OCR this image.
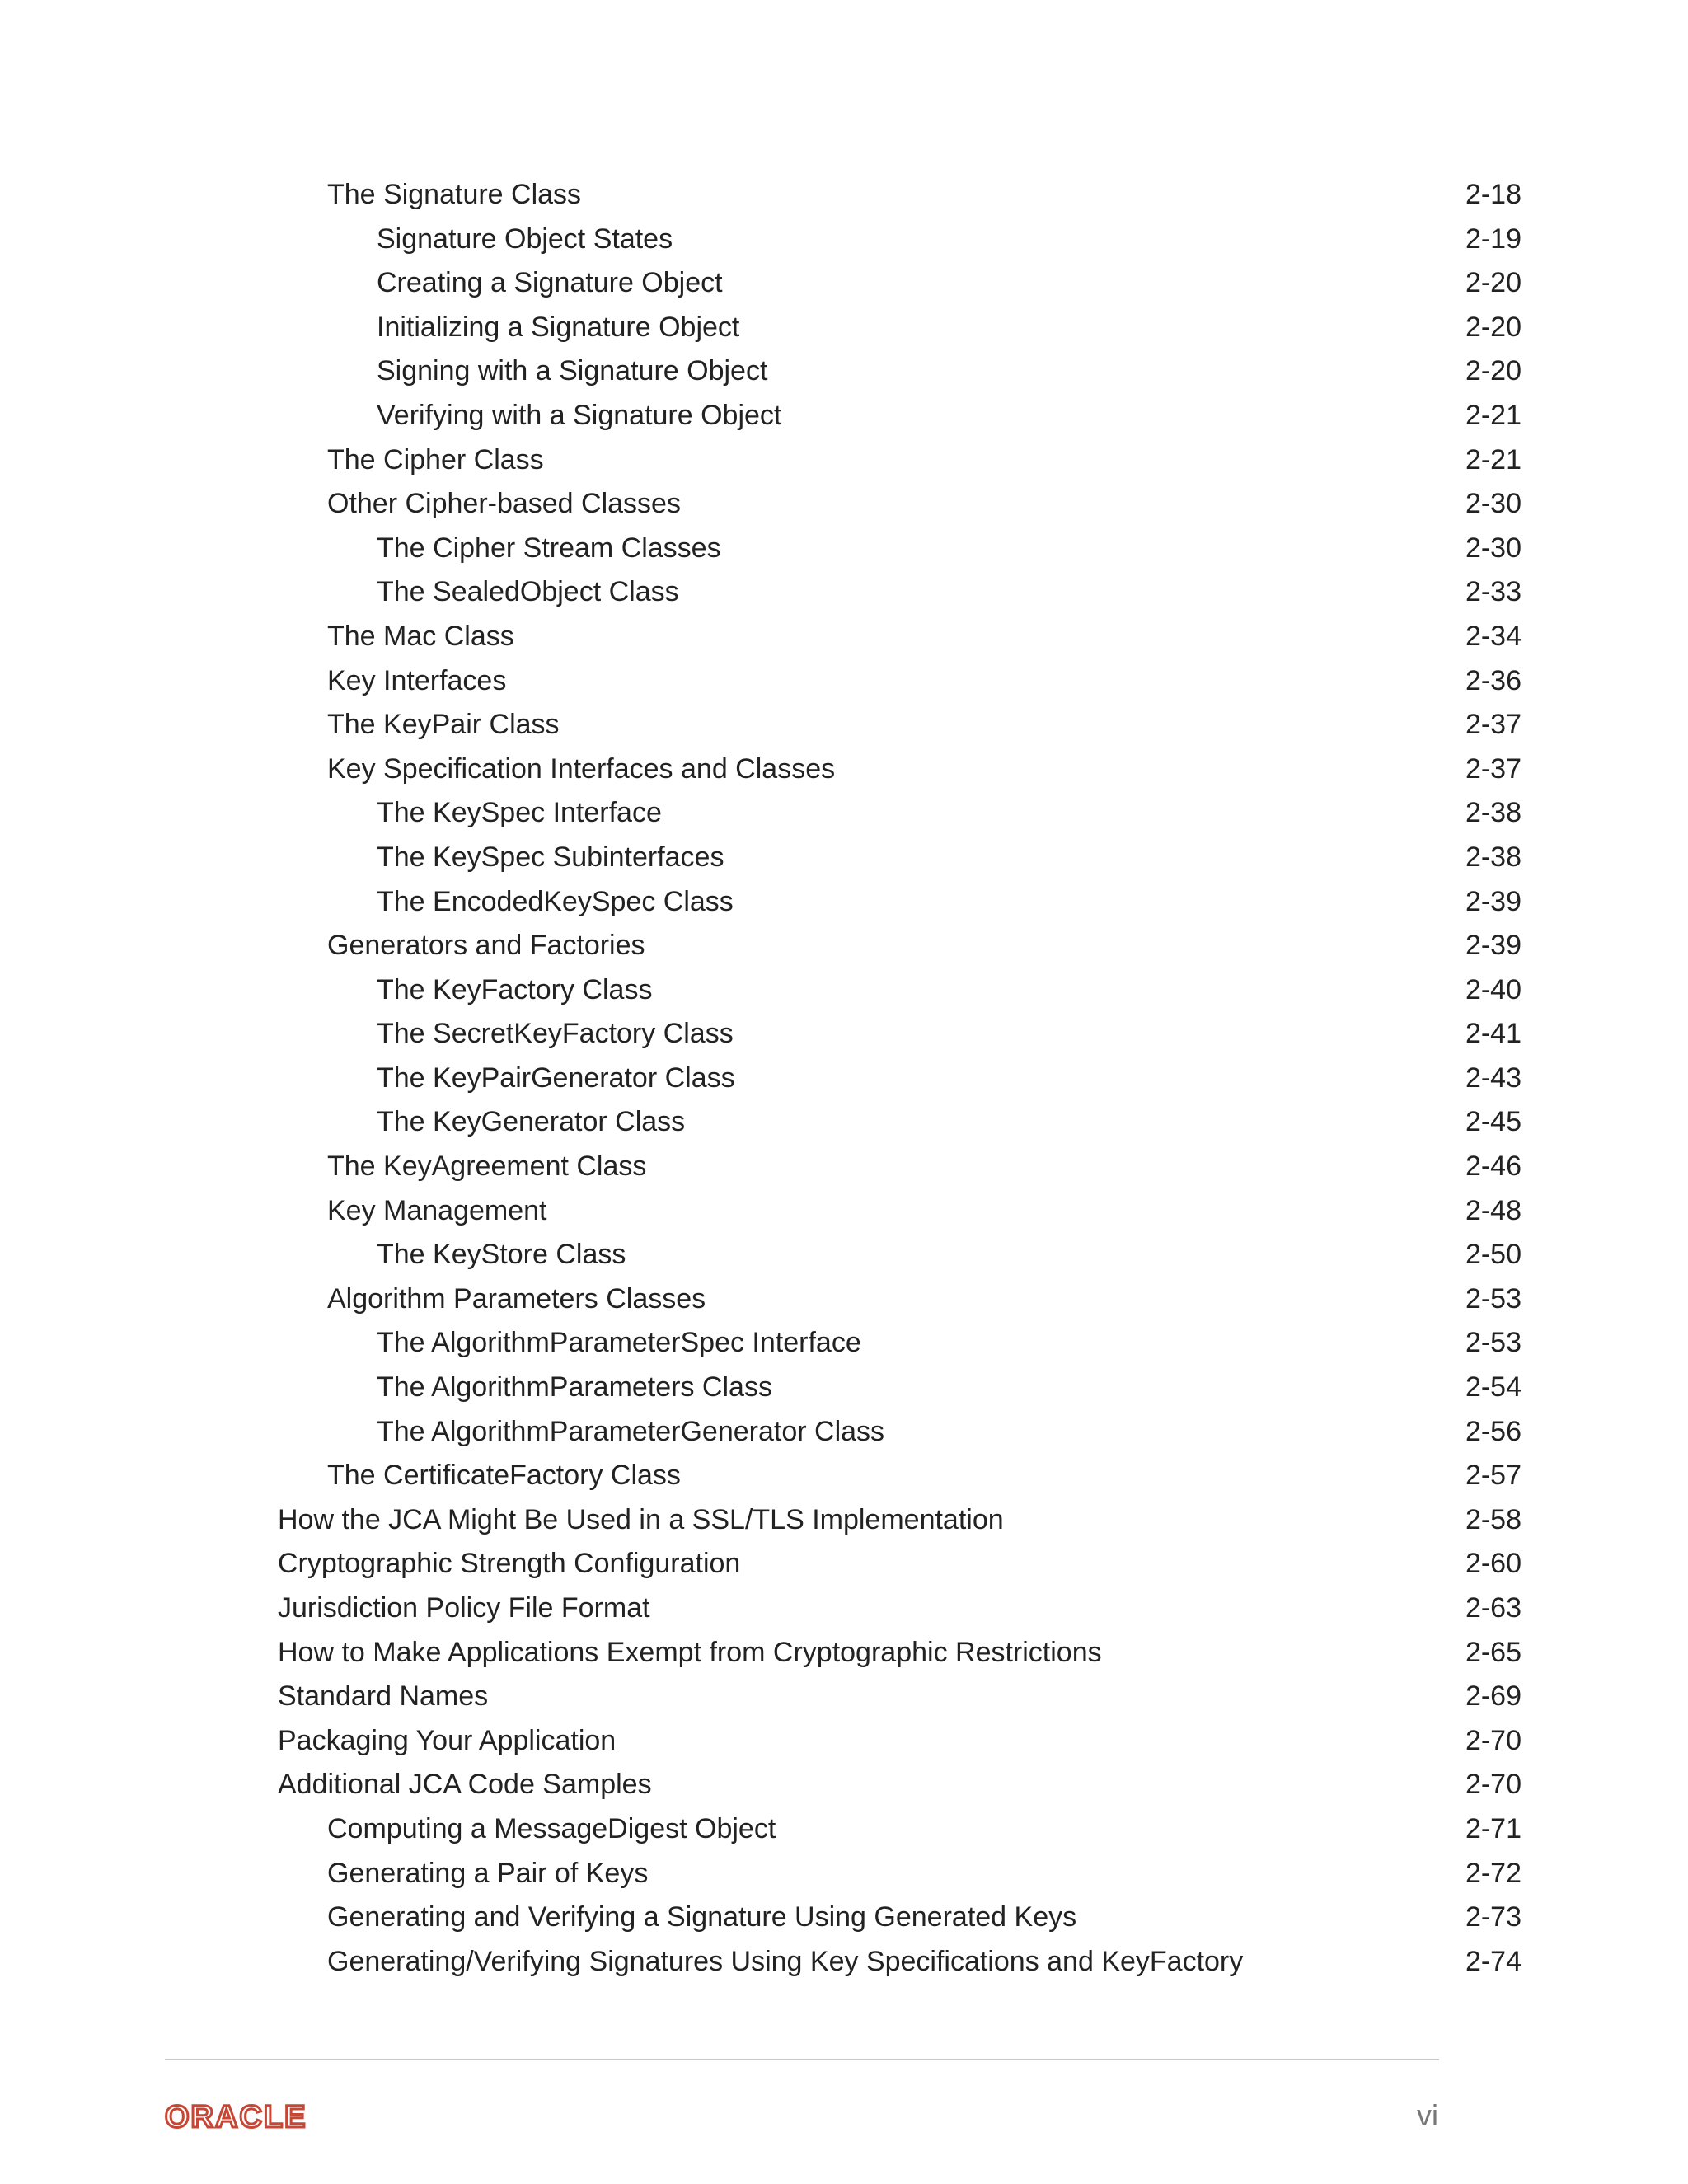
The Signature Class	2-18
Signature Object States	2-19
Creating a Signature Object	2-20
Initializing a Signature Object	2-20
Signing with a Signature Object	2-20
Verifying with a Signature Object	2-21
The Cipher Class	2-21
Other Cipher-based Classes	2-30
The Cipher Stream Classes	2-30
The SealedObject Class	2-33
The Mac Class	2-34
Key Interfaces	2-36
The KeyPair Class	2-37
Key Specification Interfaces and Classes	2-37
The KeySpec Interface	2-38
The KeySpec Subinterfaces	2-38
The EncodedKeySpec Class	2-39
Generators and Factories	2-39
The KeyFactory Class	2-40
The SecretKeyFactory Class	2-41
The KeyPairGenerator Class	2-43
The KeyGenerator Class	2-45
The KeyAgreement Class	2-46
Key Management	2-48
The KeyStore Class	2-50
Algorithm Parameters Classes	2-53
The AlgorithmParameterSpec Interface	2-53
The AlgorithmParameters Class	2-54
The AlgorithmParameterGenerator Class	2-56
The CertificateFactory Class	2-57
How the JCA Might Be Used in a SSL/TLS Implementation	2-58
Cryptographic Strength Configuration	2-60
Jurisdiction Policy File Format	2-63
How to Make Applications Exempt from Cryptographic Restrictions	2-65
Standard Names	2-69
Packaging Your Application	2-70
Additional JCA Code Samples	2-70
Computing a MessageDigest Object	2-71
Generating a Pair of Keys	2-72
Generating and Verifying a Signature Using Generated Keys	2-73
Generating/Verifying Signatures Using Key Specifications and KeyFactory	2-74
ORACLE	vi
